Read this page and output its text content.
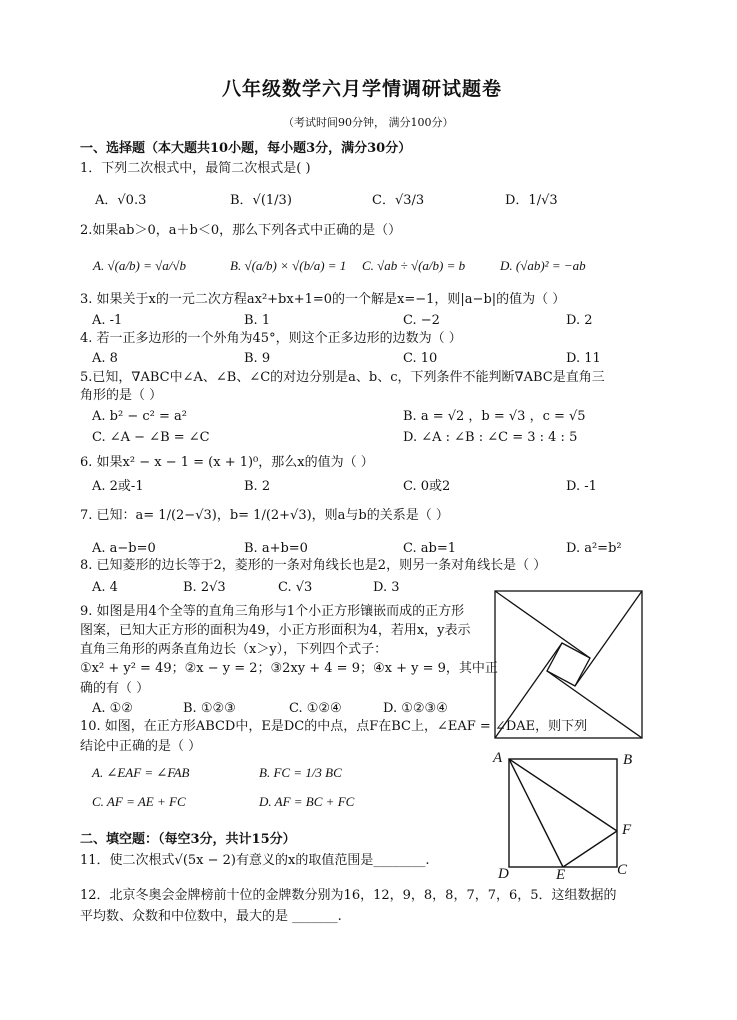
八年级数学六月学情调研试题卷
（考试时间90分钟， 满分100分）
一、选择题（本大题共10小题，每小题3分，满分30分）
1．下列二次根式中，最简二次根式是( )
A．√0.3	B．√(1/3)	C．√3/3	D．1/√3
2.如果ab＞0，a＋b＜0，那么下列各式中正确的是（）
A. √(a/b) = √a/√b	B. √(a/b) × √(b/a) = 1 C. √ab ÷ √(a/b) = b	D. (√ab)² = −ab
3. 如果关于x的一元二次方程ax²+bx+1=0的一个解是x=−1，则|a−b|的值为（ ）
A. -1	B. 1	C. −2	D. 2
4. 若一正多边形的一个外角为45°，则这个正多边形的边数为（ ）
A. 8	B. 9	C. 10	D. 11
5.已知，∇ABC中∠A、∠B、∠C的对边分别是a、b、c，下列条件不能判断∇ABC是直角三
角形的是（ ）
A. b² − c² = a²	B. a = √2 ，b = √3 ，c = √5
C. ∠A − ∠B = ∠C	D. ∠A : ∠B : ∠C = 3 : 4 : 5
6. 如果x² − x − 1 = (x + 1)⁰，那么x的值为（ ）
A. 2或-1	B. 2	C. 0或2	D. -1
7. 已知：a= 1/(2−√3)，b= 1/(2+√3)，则a与b的关系是（ ）
A. a−b=0	B. a+b=0	C. ab=1	D. a²=b²
8. 已知菱形的边长等于2，菱形的一条对角线长也是2，则另一条对角线长是（ ）
A. 4	B. 2√3	C. √3	D. 3
9. 如图是用4个全等的直角三角形与1个小正方形镶嵌而成的正方形
图案，已知大正方形的面积为49，小正方形面积为4，若用x，y表示
直角三角形的两条直角边长（x＞y），下列四个式子：
①x² + y² = 49；②x − y = 2；③2xy + 4 = 9；④x + y = 9，其中正
确的有（ ）
A. ①②	B. ①②③	C. ①②④	D. ①②③④
10. 如图，在正方形ABCD中，E是DC的中点，点F在BC上，∠EAF = ∠DAE，则下列
结论中正确的是（ ）
A. ∠EAF = ∠FAB	B. FC = 1/3 BC
C. AF = AE + FC	D. AF = BC + FC
A	B
C
D	E
F
二、填空题：（每空3分，共计15分）
11．使二次根式√(5x − 2)有意义的x的取值范围是________.
12．北京冬奥会金牌榜前十位的金牌数分别为16，12，9，8，8，7，7，6，5．这组数据的
平均数、众数和中位数中，最大的是 _______.
